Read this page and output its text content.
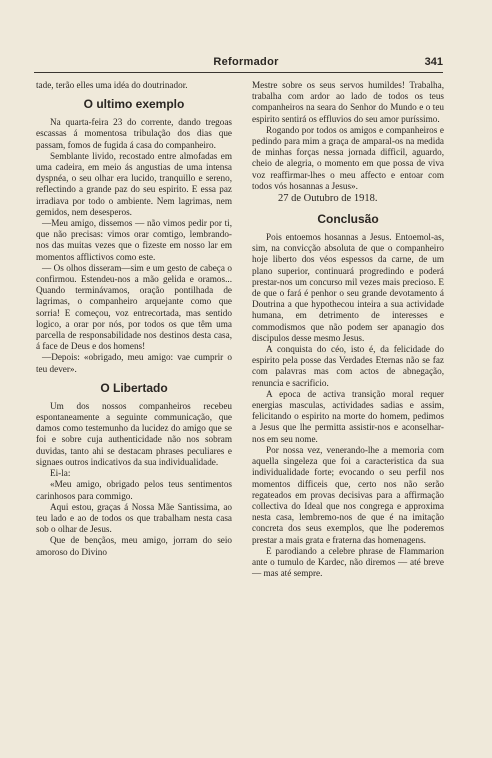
Reformador	341

tade, terão elles uma idéa do doutrinador.

O ultimo exemplo

Na quarta-feira 23 do corrente, dando tregoas escassas á momentosa tribulação dos dias que passam, fomos de fugida á casa do companheiro.

Semblante livido, recostado entre almofadas em uma cadeira, em meio ás angustias de uma intensa dyspnéa, o seu olhar era lucido, tranquillo e sereno, reflectindo a grande paz do seu espirito. E essa paz irradiava por todo o ambiente. Nem lagrimas, nem gemidos, nem desesperos.

—Meu amigo, dissemos — não vimos pedir por ti, que não precisas: vimos orar comtigo, lembrando-nos das muitas vezes que o fizeste em nosso lar em momentos afflictivos como este.

— Os olhos disseram—sim e um gesto de cabeça o confirmou. Estendeu-nos a mão gelida e oramos... Quando terminávamos, oração pontilhada de lagrimas, o companheiro arquejante como que sorria! E começou, voz entrecortada, mas sentido logico, a orar por nós, por todos os que têm uma parcella de responsabilidade nos destinos desta casa, á face de Deus e dos homens!

—Depois: «obrigado, meu amigo: vae cumprir o teu dever».

O Libertado

Um dos nossos companheiros recebeu espontaneamente a seguinte communicação, que damos como testemunho da lucidez do amigo que se foi e sobre cuja authenticidade não nos sobram duvidas, tanto ahi se destacam phrases peculiares e signaes outros indicativos da sua individualidade.

Ei-la:

«Meu amigo, obrigado pelos teus sentimentos carinhosos para commigo.

Aqui estou, graças á Nossa Mãe Santissima, ao teu lado e ao de todos os que trabalham nesta casa sob o olhar de Jesus.

Que de bençãos, meu amigo, jorram do seio amoroso do Divino

Mestre sobre os seus servos humildes! Trabalha, trabalha com ardor ao lado de todos os teus companheiros na seara do Senhor do Mundo e o teu espirito sentirá os effluvios do seu amor puríssimo.

Rogando por todos os amigos e companheiros e pedindo para mim a graça de amparal-os na medida de minhas forças nessa jornada difficil, aguardo, cheio de alegria, o momento em que possa de viva voz reaffirmar-lhes o meu affecto e entoar com todos vós hosannas a Jesus».

27 de Outubro de 1918.

Conclusão

Pois entoemos hosannas a Jesus. Entoemol-as, sim, na convicção absoluta de que o companheiro hoje liberto dos véos espessos da carne, de um plano superior, continuará progredindo e poderá prestar-nos um concurso mil vezes mais precioso. E de que o fará é penhor o seu grande devotamento á Doutrina a que hypothecou inteira a sua actividade humana, em detrimento de interesses e commodismos que não podem ser apanagio dos discipulos desse mesmo Jesus.

A conquista do céo, isto é, da felicidade do espirito pela posse das Verdades Eternas não se faz com palavras mas com actos de abnegação, renuncia e sacrificio.

A epoca de activa transição moral requer energias masculas, actividades sadias e assim, felicitando o espirito na morte do homem, pedimos a Jesus que lhe permitta assistir-nos e aconselhar-nos em seu nome.

Por nossa vez, venerando-lhe a memoria com aquella singeleza que foi a caracteristica da sua individualidade forte; evocando o seu perfil nos momentos difficeis que, certo nos não serão regateados em provas decisivas para a affirmação collectiva do Ideal que nos congrega e approxima nesta casa, lembremo-nos de que é na imitação concreta dos seus exemplos, que lhe poderemos prestar a mais grata e fraterna das homenagens.

E parodiando a celebre phrase de Flammarion ante o tumulo de Kardec, não diremos — até breve — mas até sempre.
